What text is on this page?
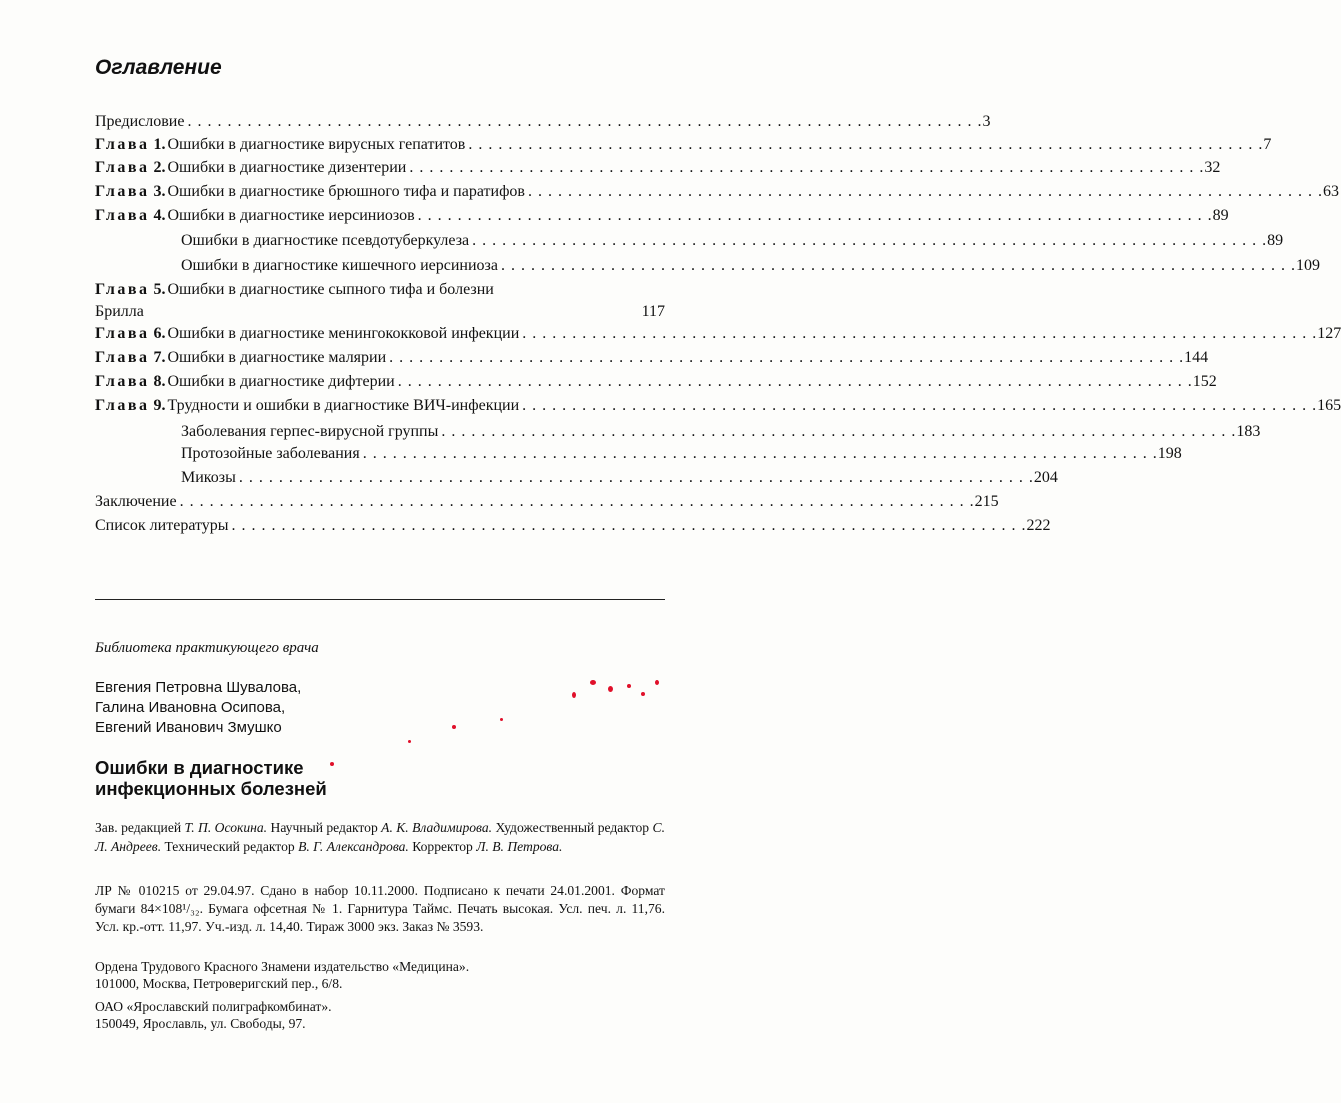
Оглавление
Предисловие . . . . . . . . . . . . . . . . . . . . . . . . . . . . . . . . . . . . . . . . . . . . . . . . . . . . . . . . . . . . . . . . . . . . . . . . . . . . . . . . 3
Глава 1. Ошибки в диагностике вирусных гепатитов . . . . . . . . . . . . . . . . . . . . . . . . . . . . . . . . . . . . . . . . . . . . . . . . . . . . . . . . . . . . . . . . . . . . . . . . . . . . . . . . 7
Глава 2. Ошибки в диагностике дизентерии . . . . . . . . . . . . . . . . . . . . . . . . . . . . . . . . . . . . . . . . . . . . . . . . . . . . . . . . . . . . . . . . . . . . . . . . . . . . . . . . 32
Глава 3. Ошибки в диагностике брюшного тифа и паратифов . . . . . . . . . . . . . . . . . . . . . . . . . . . . . . . . . . . . . . . . . . . . . . . . . . . . . . . . . . . . . . . . . . . . . . . . . . . . . . . . 63
Глава 4. Ошибки в диагностике иерсиниозов . . . . . . . . . . . . . . . . . . . . . . . . . . . . . . . . . . . . . . . . . . . . . . . . . . . . . . . . . . . . . . . . . . . . . . . . . . . . . . . . 89
Ошибки в диагностике псевдотуберкулеза . . . . . . . . . . . . . . . . . . . . . . . . . . . . . . . . . . . . . . . . . . . . . . . . . . . . . . . . . . . . . . . . . . . . . . . . . . . . . . . . 89
Ошибки в диагностике кишечного иерсиниоза . . . . . . . . . . . . . . . . . . . . . . . . . . . . . . . . . . . . . . . . . . . . . . . . . . . . . . . . . . . . . . . . . . . . . . . . . . . . . . . . 109
Глава 5. Ошибки в диагностике сыпного тифа и болезни
Брилла	117
Глава 6. Ошибки в диагностике менингококковой инфекции . . . . . . . . . . . . . . . . . . . . . . . . . . . . . . . . . . . . . . . . . . . . . . . . . . . . . . . . . . . . . . . . . . . . . . . . . . . . . . . . 127
Глава 7. Ошибки в диагностике малярии . . . . . . . . . . . . . . . . . . . . . . . . . . . . . . . . . . . . . . . . . . . . . . . . . . . . . . . . . . . . . . . . . . . . . . . . . . . . . . . . 144
Глава 8. Ошибки в диагностике дифтерии . . . . . . . . . . . . . . . . . . . . . . . . . . . . . . . . . . . . . . . . . . . . . . . . . . . . . . . . . . . . . . . . . . . . . . . . . . . . . . . . 152
Глава 9. Трудности и ошибки в диагностике ВИЧ-инфекции . . . . . . . . . . . . . . . . . . . . . . . . . . . . . . . . . . . . . . . . . . . . . . . . . . . . . . . . . . . . . . . . . . . . . . . . . . . . . . . . 165
Заболевания герпес-вирусной группы . . . . . . . . . . . . . . . . . . . . . . . . . . . . . . . . . . . . . . . . . . . . . . . . . . . . . . . . . . . . . . . . . . . . . . . . . . . . . . . . 183
Протозойные заболевания . . . . . . . . . . . . . . . . . . . . . . . . . . . . . . . . . . . . . . . . . . . . . . . . . . . . . . . . . . . . . . . . . . . . . . . . . . . . . . . . 198
Микозы . . . . . . . . . . . . . . . . . . . . . . . . . . . . . . . . . . . . . . . . . . . . . . . . . . . . . . . . . . . . . . . . . . . . . . . . . . . . . . . . 204
Заключение . . . . . . . . . . . . . . . . . . . . . . . . . . . . . . . . . . . . . . . . . . . . . . . . . . . . . . . . . . . . . . . . . . . . . . . . . . . . . . . . 215
Список литературы . . . . . . . . . . . . . . . . . . . . . . . . . . . . . . . . . . . . . . . . . . . . . . . . . . . . . . . . . . . . . . . . . . . . . . . . . . . . . . . . 222
Библиотека практикующего врача
Евгения Петровна Шувалова,
Галина Ивановна Осипова,
Евгений Иванович Змушко
Ошибки в диагностике
инфекционных болезней

Зав. редакцией Т. П. Осокина. Научный редактор А. К. Владимирова. Художественный редактор С. Л. Андреев. Технический редактор В. Г. Александрова. Корректор Л. В. Петрова.

ЛР № 010215 от 29.04.97. Сдано в набор 10.11.2000. Подписано к печати 24.01.2001. Формат бумаги 84×108¹/₃₂. Бумага офсетная № 1. Гарнитура Таймс. Печать высокая. Усл. печ. л. 11,76. Усл. кр.-отт. 11,97. Уч.-изд. л. 14,40. Тираж 3000 экз. Заказ № 3593.
Ордена Трудового Красного Знамени издательство «Медицина».
101000, Москва, Петроверигский пер., 6/8.
ОАО «Ярославский полиграфкомбинат».
150049, Ярославль, ул. Свободы, 97.
